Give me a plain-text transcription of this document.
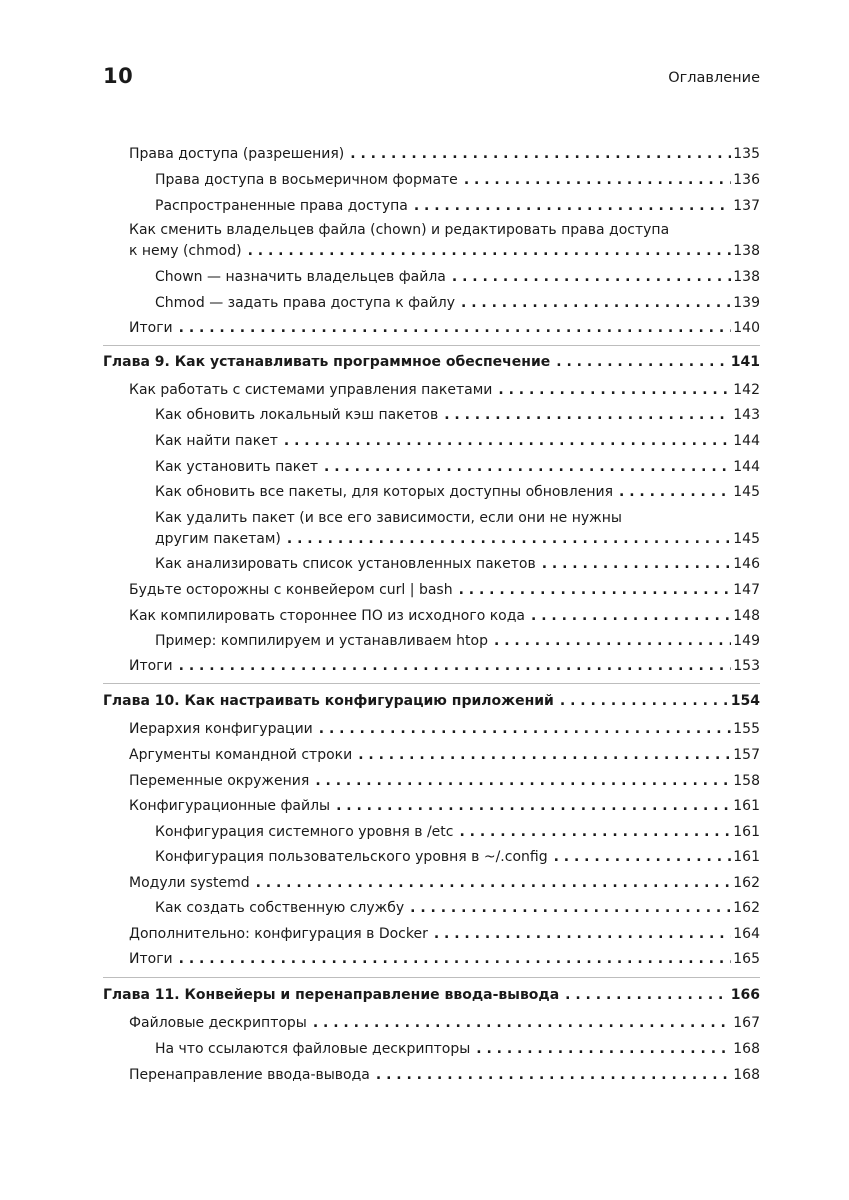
10	Оглавление
Права доступа (разрешения) . . .	135
Права доступа в восьмеричном формате . . .	136
Распространенные права доступа . . .	137
Как сменить владельцев файла (chown) и редактировать права доступа
к нему (chmod) . . .	138
Chown — назначить владельцев файла . . .	138
Chmod — задать права доступа к файлу . . .	139
Итоги . . .	140
Глава 9. Как устанавливать программное обеспечение . . .	141
Как работать с системами управления пакетами . . .	142
Как обновить локальный кэш пакетов . . .	143
Как найти пакет . . .	144
Как установить пакет . . .	144
Как обновить все пакеты, для которых доступны обновления . . .	145
Как удалить пакет (и все его зависимости, если они не нужны
другим пакетам) . . .	145
Как анализировать список установленных пакетов . . .	146
Будьте осторожны с конвейером curl | bash . . .	147
Как компилировать стороннее ПО из исходного кода . . .	148
Пример: компилируем и устанавливаем htop . . .	149
Итоги . . .	153
Глава 10. Как настраивать конфигурацию приложений . . .	154
Иерархия конфигурации . . .	155
Аргументы командной строки . . .	157
Переменные окружения . . .	158
Конфигурационные файлы . . .	161
Конфигурация системного уровня в /etc . . .	161
Конфигурация пользовательского уровня в ~/.config . . .	161
Модули systemd . . .	162
Как создать собственную службу . . .	162
Дополнительно: конфигурация в Docker . . .	164
Итоги . . .	165
Глава 11. Конвейеры и перенаправление ввода-вывода . . .	166
Файловые дескрипторы . . .	167
На что ссылаются файловые дескрипторы . . .	168
Перенаправление ввода-вывода . . .	168
